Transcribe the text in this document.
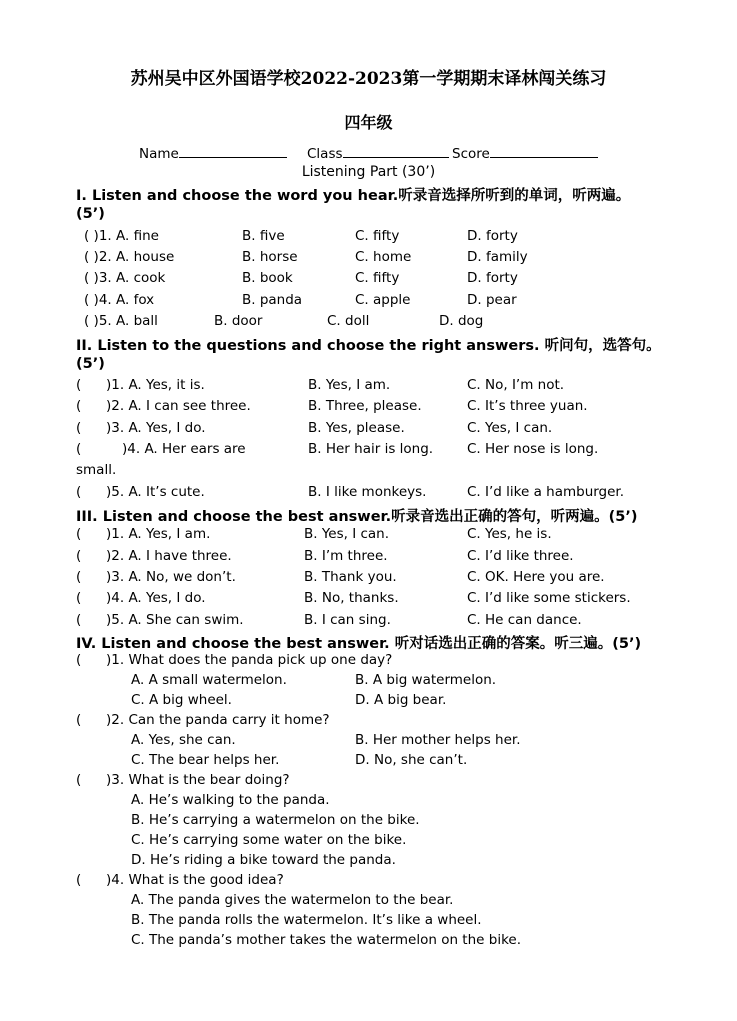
苏州吴中区外国语学校2022-2023第一学期期末译林闯关练习
四年级
Name	Class	Score
Listening Part (30’)
I. Listen and choose the word you hear.听录音选择所听到的单词，听两遍。
(5’)
( )1. A. fine	B. five	C. fifty	D. forty
( )2. A. house	B. horse	C. home	D. family
( )3. A. cook	B. book	C. fifty	D. forty
( )4. A. fox	B. panda	C. apple	D. pear
( )5. A. ball	B. door	C. doll	D. dog
II. Listen to the questions and choose the right answers. 听问句，选答句。
(5’)
( )1. A. Yes, it is.	B. Yes, I am.	C. No, I’m not.
( )2. A. I can see three.	B. Three, please.	C. It’s three yuan.
( )3. A. Yes, I do.	B. Yes, please.	C. Yes, I can.
(	)4. A. Her ears are	B. Her hair is long.	C. Her nose is long.
small.
( )5. A. It’s cute.	B. I like monkeys.	C. I’d like a hamburger.
III. Listen and choose the best answer.听录音选出正确的答句，听两遍。(5’)
( )1. A. Yes, I am.	B. Yes, I can.	C. Yes, he is.
( )2. A. I have three.	B. I’m three.	C. I’d like three.
( )3. A. No, we don’t.	B. Thank you.	C. OK. Here you are.
( )4. A. Yes, I do.	B. No, thanks.	C. I’d like some stickers.
( )5. A. She can swim.	B. I can sing.	C. He can dance.
IV. Listen and choose the best answer. 听对话选出正确的答案。听三遍。(5’)
( )1. What does the panda pick up one day?
A. A small watermelon.	B. A big watermelon.
C. A big wheel.	D. A big bear.
( )2. Can the panda carry it home?
A. Yes, she can.	B. Her mother helps her.
C. The bear helps her.	D. No, she can’t.
( )3. What is the bear doing?
A. He’s walking to the panda.
B. He’s carrying a watermelon on the bike.
C. He’s carrying some water on the bike.
D. He’s riding a bike toward the panda.
( )4. What is the good idea?
A. The panda gives the watermelon to the bear.
B. The panda rolls the watermelon. It’s like a wheel.
C. The panda’s mother takes the watermelon on the bike.
